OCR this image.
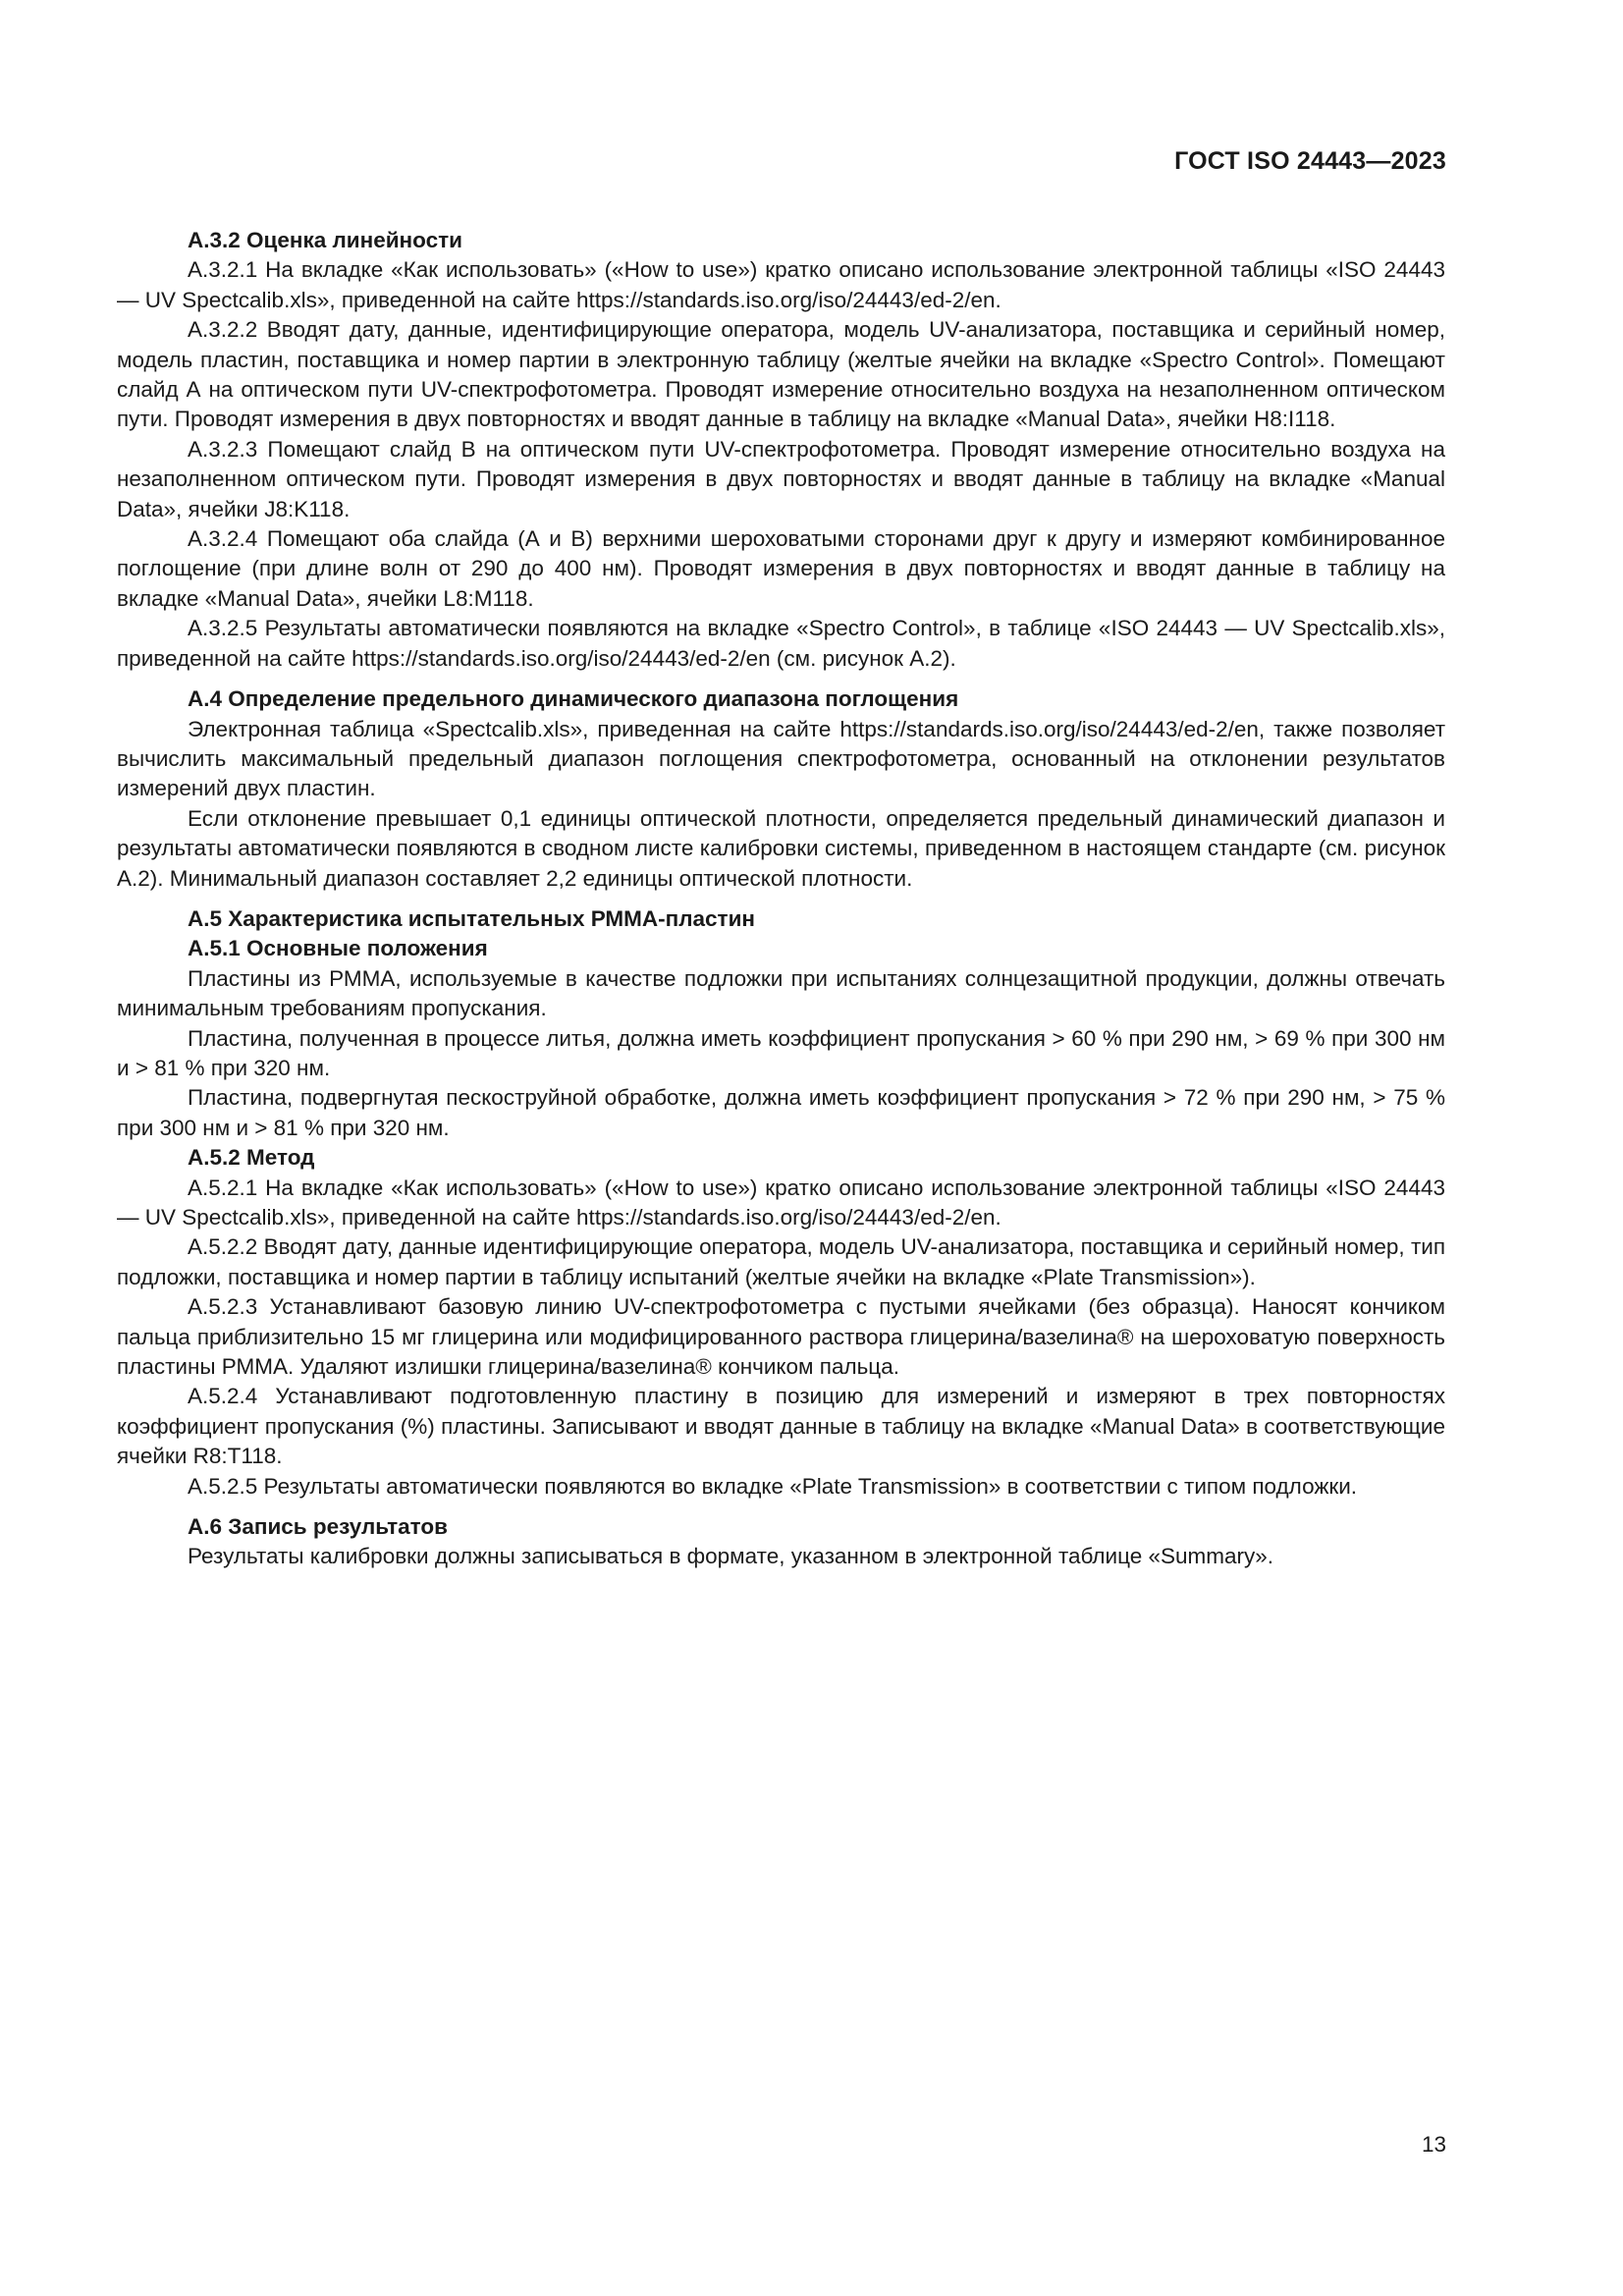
ГОСТ ISO 24443—2023
А.3.2 Оценка линейности

А.3.2.1 На вкладке «Как использовать» («How to use») кратко описано использование электронной таблицы «ISO 24443 — UV Spectcalib.xls», приведенной на сайте https://standards.iso.org/iso/24443/ed-2/en.

А.3.2.2 Вводят дату, данные, идентифицирующие оператора, модель UV-анализатора, поставщика и серийный номер, модель пластин, поставщика и номер партии в электронную таблицу (желтые ячейки на вкладке «Spectro Control». Помещают слайд А на оптическом пути UV-спектрофотометра. Проводят измерение относительно воздуха на незаполненном оптическом пути. Проводят измерения в двух повторностях и вводят данные в таблицу на вкладке «Manual Data», ячейки H8:I118.

А.3.2.3 Помещают слайд В на оптическом пути UV-спектрофотометра. Проводят измерение относительно воздуха на незаполненном оптическом пути. Проводят измерения в двух повторностях и вводят данные в таблицу на вкладке «Manual Data», ячейки J8:K118.

А.3.2.4 Помещают оба слайда (А и В) верхними шероховатыми сторонами друг к другу и измеряют комбинированное поглощение (при длине волн от 290 до 400 нм). Проводят измерения в двух повторностях и вводят данные в таблицу на вкладке «Manual Data», ячейки L8:M118.

А.3.2.5 Результаты автоматически появляются на вкладке «Spectro Control», в таблице «ISO 24443 — UV Spectcalib.xls», приведенной на сайте https://standards.iso.org/iso/24443/ed-2/en (см. рисунок А.2).

А.4 Определение предельного динамического диапазона поглощения

Электронная таблица «Spectcalib.xls», приведенная на сайте https://standards.iso.org/iso/24443/ed-2/en, также позволяет вычислить максимальный предельный диапазон поглощения спектрофотометра, основанный на отклонении результатов измерений двух пластин.

Если отклонение превышает 0,1 единицы оптической плотности, определяется предельный динамический диапазон и результаты автоматически появляются в сводном листе калибровки системы, приведенном в настоящем стандарте (см. рисунок А.2). Минимальный диапазон составляет 2,2 единицы оптической плотности.

А.5 Характеристика испытательных РММА-пластин
А.5.1 Основные положения

Пластины из РММА, используемые в качестве подложки при испытаниях солнцезащитной продукции, должны отвечать минимальным требованиям пропускания.

Пластина, полученная в процессе литья, должна иметь коэффициент пропускания > 60 % при 290 нм, > 69 % при 300 нм и > 81 % при 320 нм.

Пластина, подвергнутая пескоструйной обработке, должна иметь коэффициент пропускания > 72 % при 290 нм, > 75 % при 300 нм и > 81 % при 320 нм.

А.5.2 Метод

А.5.2.1 На вкладке «Как использовать» («How to use») кратко описано использование электронной таблицы «ISO 24443 — UV Spectcalib.xls», приведенной на сайте https://standards.iso.org/iso/24443/ed-2/en.

А.5.2.2 Вводят дату, данные идентифицирующие оператора, модель UV-анализатора, поставщика и серийный номер, тип подложки, поставщика и номер партии в таблицу испытаний (желтые ячейки на вкладке «Plate Transmission»).

А.5.2.3 Устанавливают базовую линию UV-спектрофотометра с пустыми ячейками (без образца). Наносят кончиком пальца приблизительно 15 мг глицерина или модифицированного раствора глицерина/вазелина® на шероховатую поверхность пластины РММА. Удаляют излишки глицерина/вазелина® кончиком пальца.

А.5.2.4 Устанавливают подготовленную пластину в позицию для измерений и измеряют в трех повторностях коэффициент пропускания (%) пластины. Записывают и вводят данные в таблицу на вкладке «Manual Data» в соответствующие ячейки R8:T118.

А.5.2.5 Результаты автоматически появляются во вкладке «Plate Transmission» в соответствии с типом подложки.

А.6 Запись результатов

Результаты калибровки должны записываться в формате, указанном в электронной таблице «Summary».

13
